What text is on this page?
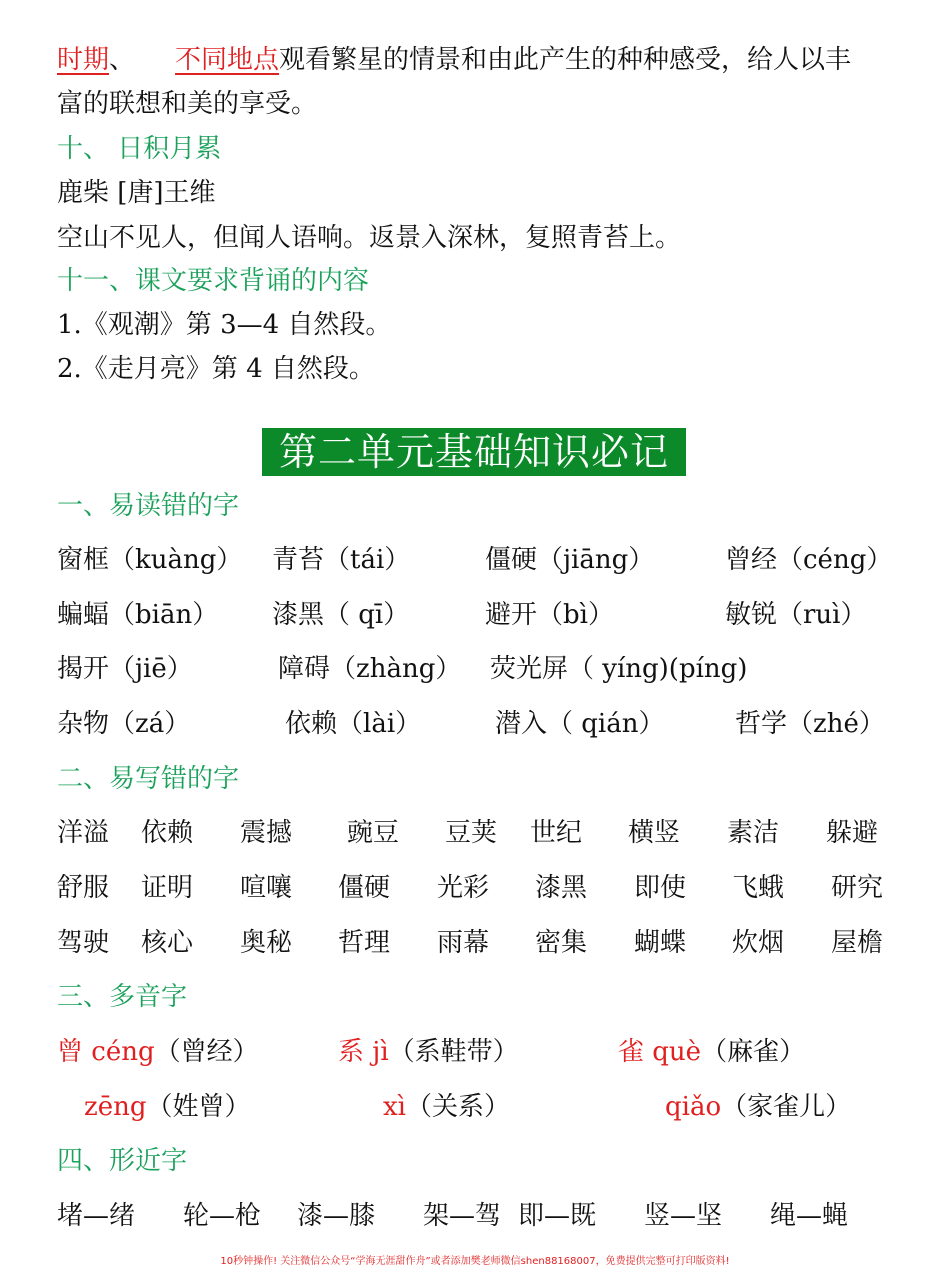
时期、 不同地点观看繁星的情景和由此产生的种种感受，给人以丰
富的联想和美的享受。
十、 日积月累
鹿柴 [唐]王维
空山不见人，但闻人语响。返景入深林，复照青苔上。
十一、课文要求背诵的内容
1.《观潮》第 3—4 自然段。
2.《走月亮》第 4 自然段。
第二单元基础知识必记
一、易读错的字
窗框（kuàng） 青苔（tái）	僵硬（jiāng）	曾经（céng）
蝙蝠（biān） 漆黑（ qī）	避开（bì）	敏锐（ruì）
揭开（jiē）	障碍（zhàng） 荧光屏（ yíng)(píng)
杂物（zá）	依赖（lài）	潜入（ qián）	哲学（zhé）
二、易写错的字
洋溢 依赖 震撼 豌豆 豆荚 世纪 横竖 素洁 躲避
舒服 证明 喧嚷 僵硬 光彩 漆黑 即使 飞蛾 研究
驾驶 核心 奥秘 哲理 雨幕 密集 蝴蝶 炊烟 屋檐
三、多音字
曾 céng（曾经）	系 jì（系鞋带）	雀 què（麻雀）
zēng（姓曾）	xì（关系）	qiǎo（家雀儿）
四、形近字
堵—绪 轮—枪 漆—膝 架—驾 即—既 竖—坚 绳—蝇
10秒钟操作! 关注微信公众号“学海无涯甜作舟”或者添加樊老师微信shen88168007，免费提供完整可打印版资料!
